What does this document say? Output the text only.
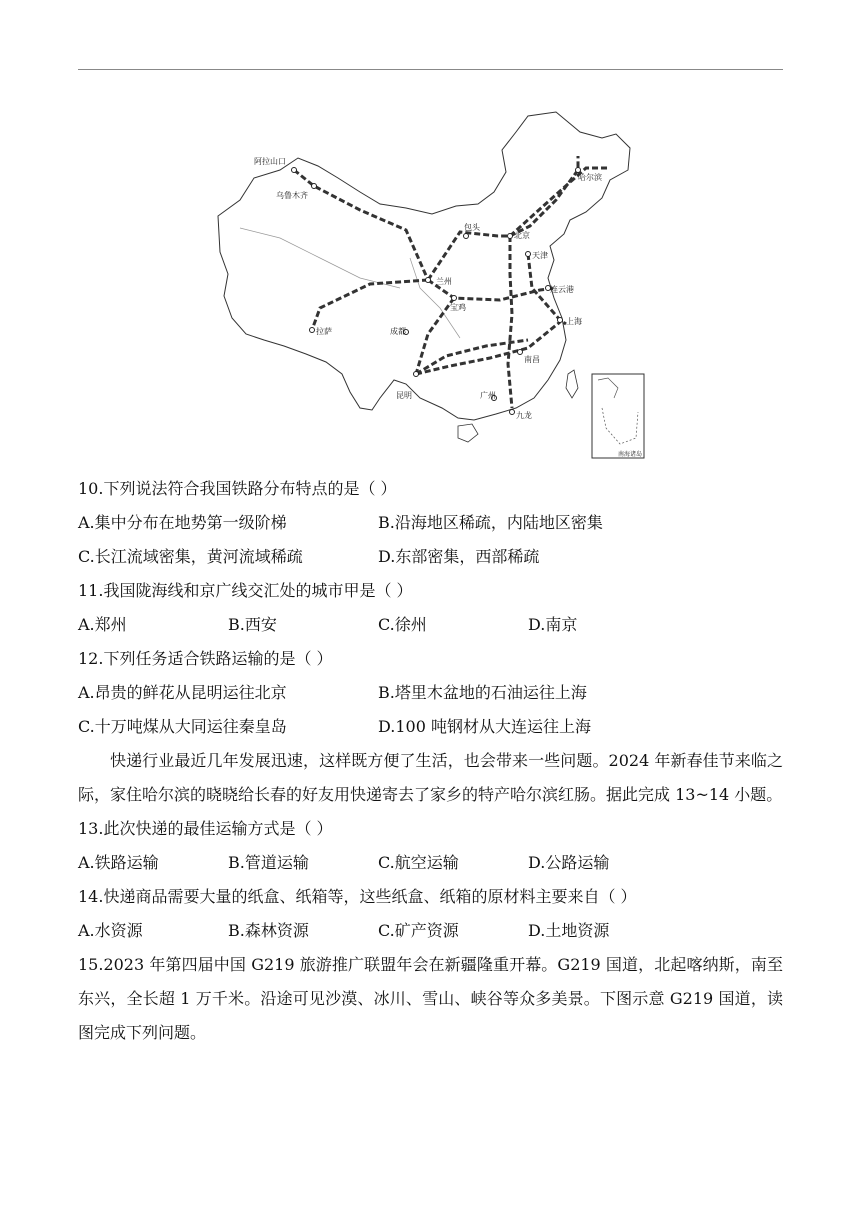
阿拉山口
乌鲁木齐
哈尔滨
包头
北京
天津
兰州
宝鸡
连云港
上海
拉萨	成都
南昌
昆明	广州
九龙
南海诸岛
10.下列说法符合我国铁路分布特点的是（ ）
A.集中分布在地势第一级阶梯	B.沿海地区稀疏，内陆地区密集
C.长江流域密集，黄河流域稀疏	D.东部密集，西部稀疏
11.我国陇海线和京广线交汇处的城市甲是（ ）
A.郑州	B.西安	C.徐州	D.南京
12.下列任务适合铁路运输的是（ ）
A.昂贵的鲜花从昆明运往北京	B.塔里木盆地的石油运往上海
C.十万吨煤从大同运往秦皇岛	D.100 吨钢材从大连运往上海
快递行业最近几年发展迅速，这样既方便了生活，也会带来一些问题。2024 年新春佳节来临之际，家住哈尔滨的晓晓给长春的好友用快递寄去了家乡的特产哈尔滨红肠。据此完成 13~14 小题。
13.此次快递的最佳运输方式是（ ）
A.铁路运输	B.管道运输	C.航空运输	D.公路运输
14.快递商品需要大量的纸盒、纸箱等，这些纸盒、纸箱的原材料主要来自（ ）
A.水资源	B.森林资源	C.矿产资源	D.土地资源
15.2023 年第四届中国 G219 旅游推广联盟年会在新疆隆重开幕。G219 国道，北起喀纳斯，南至东兴，全长超 1 万千米。沿途可见沙漠、冰川、雪山、峡谷等众多美景。下图示意 G219 国道，读图完成下列问题。
